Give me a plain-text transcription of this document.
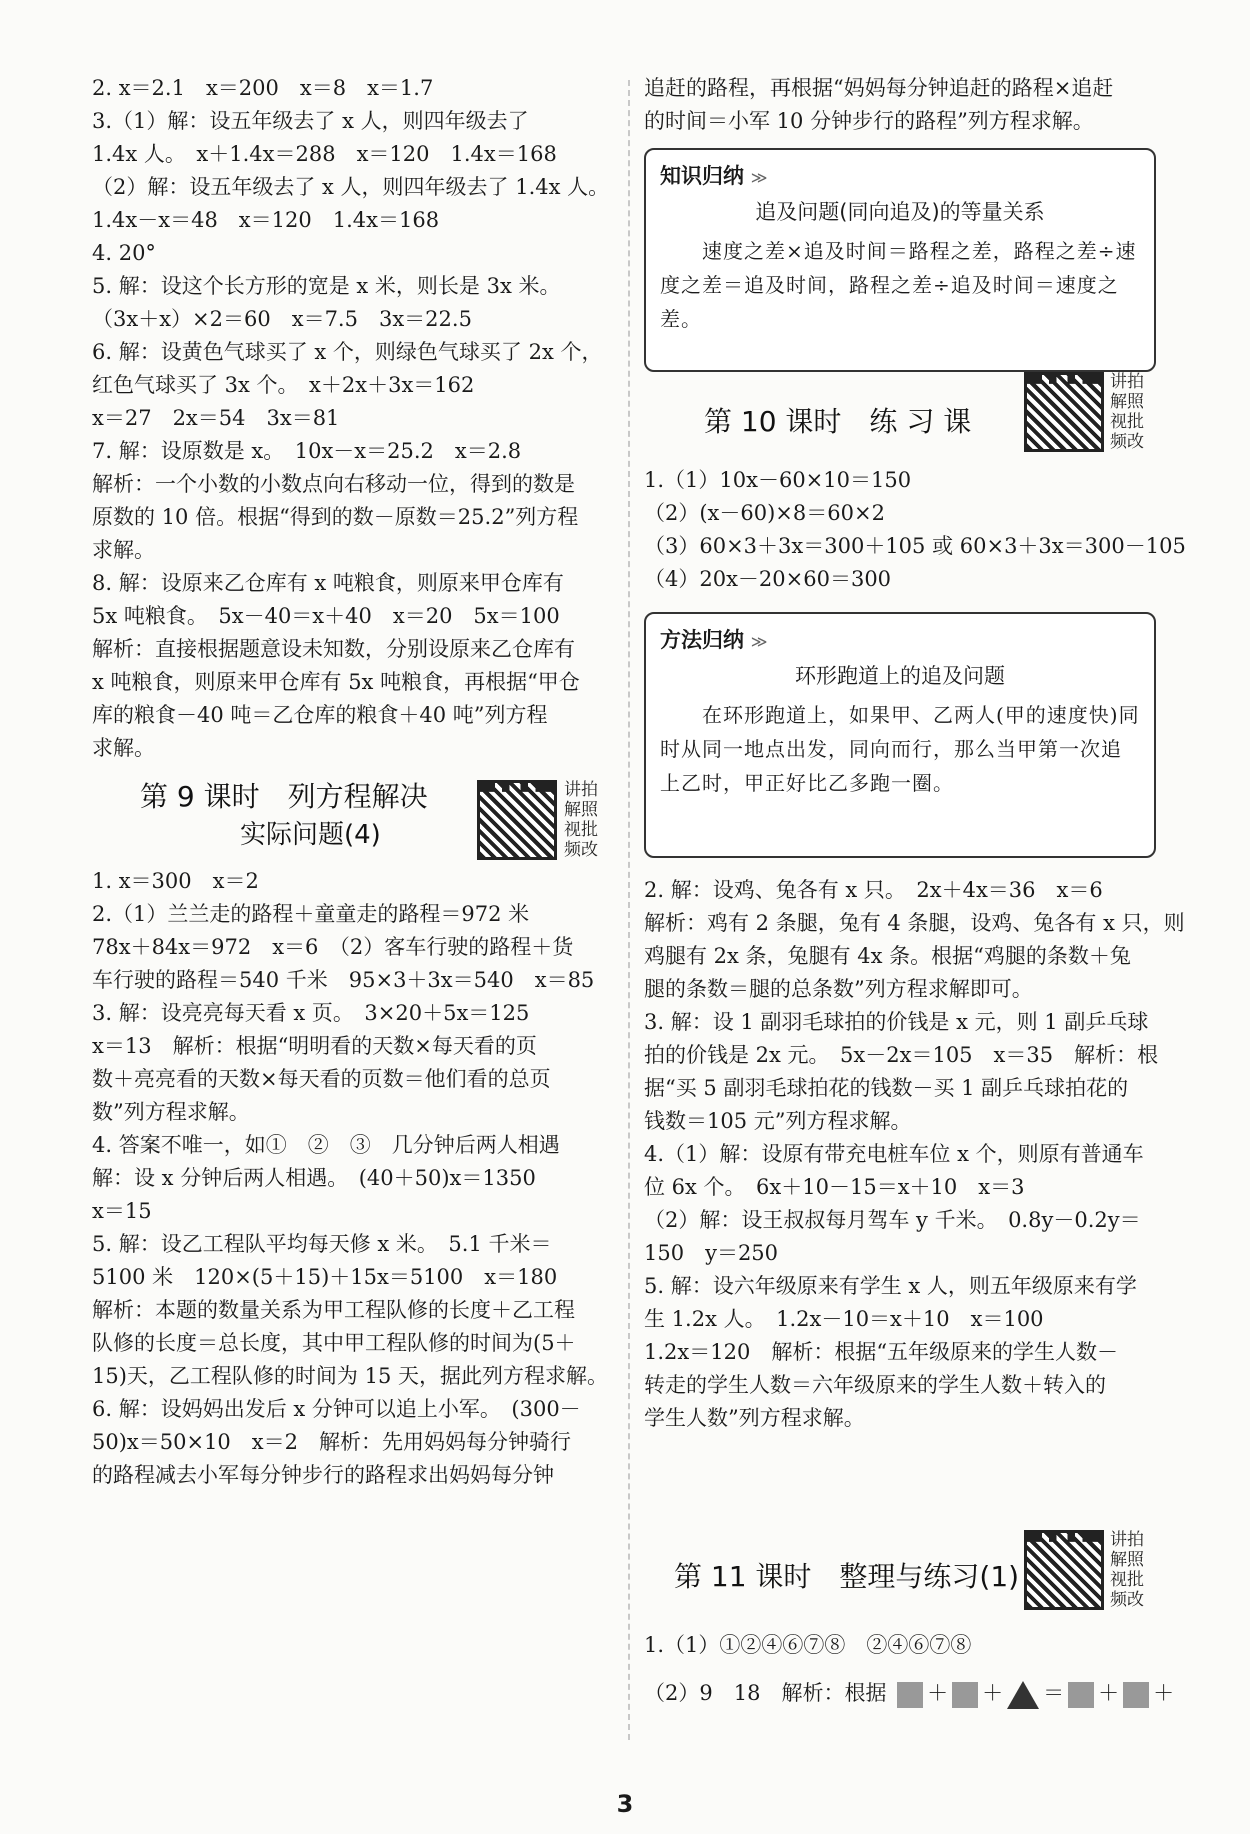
2. x＝2.1　x＝200　x＝8　x＝1.7
3.（1）解：设五年级去了 x 人，则四年级去了
1.4x 人。　x＋1.4x＝288　x＝120　1.4x＝168
（2）解：设五年级去了 x 人，则四年级去了 1.4x 人。
1.4x－x＝48　x＝120　1.4x＝168
4. 20°
5. 解：设这个长方形的宽是 x 米，则长是 3x 米。
（3x＋x）×2＝60　x＝7.5　3x＝22.5
6. 解：设黄色气球买了 x 个，则绿色气球买了 2x 个，
红色气球买了 3x 个。　x＋2x＋3x＝162
x＝27　2x＝54　3x＝81
7. 解：设原数是 x。　10x－x＝25.2　x＝2.8
解析：一个小数的小数点向右移动一位，得到的数是
原数的 10 倍。根据“得到的数－原数＝25.2”列方程
求解。
8. 解：设原来乙仓库有 x 吨粮食，则原来甲仓库有
5x 吨粮食。　5x－40＝x＋40　x＝20　5x＝100
解析：直接根据题意设未知数，分别设原来乙仓库有
x 吨粮食，则原来甲仓库有 5x 吨粮食，再根据“甲仓
库的粮食－40 吨＝乙仓库的粮食＋40 吨”列方程
求解。
第 9 课时　列方程解决
实际问题(4)
讲拍解照视批频改
1. x＝300　x＝2
2.（1）兰兰走的路程＋童童走的路程＝972 米
78x＋84x＝972　x＝6　（2）客车行驶的路程＋货
车行驶的路程＝540 千米　95×3＋3x＝540　x＝85
3. 解：设亮亮每天看 x 页。　3×20＋5x＝125
x＝13　解析：根据“明明看的天数×每天看的页
数＋亮亮看的天数×每天看的页数＝他们看的总页
数”列方程求解。
4. 答案不唯一，如①　②　③　几分钟后两人相遇
解：设 x 分钟后两人相遇。　(40＋50)x＝1350
x＝15
5. 解：设乙工程队平均每天修 x 米。　5.1 千米＝
5100 米　120×(5＋15)＋15x＝5100　x＝180
解析：本题的数量关系为甲工程队修的长度＋乙工程
队修的长度＝总长度，其中甲工程队修的时间为(5＋
15)天，乙工程队修的时间为 15 天，据此列方程求解。
6. 解：设妈妈出发后 x 分钟可以追上小军。　(300－
50)x＝50×10　x＝2　解析：先用妈妈每分钟骑行
的路程减去小军每分钟步行的路程求出妈妈每分钟
追赶的路程，再根据“妈妈每分钟追赶的路程×追赶
的时间＝小军 10 分钟步行的路程”列方程求解。
知识归纳 ≫
追及问题(同向追及)的等量关系
　　速度之差×追及时间＝路程之差，路程之差÷速度之差＝追及时间，路程之差÷追及时间＝速度之差。
第 10 课时　练 习 课
讲拍解照视批频改
1.（1）10x－60×10＝150
（2）(x－60)×8＝60×2
（3）60×3＋3x＝300＋105 或 60×3＋3x＝300－105
（4）20x－20×60＝300
方法归纳 ≫
环形跑道上的追及问题
　　在环形跑道上，如果甲、乙两人(甲的速度快)同时从同一地点出发，同向而行，那么当甲第一次追上乙时，甲正好比乙多跑一圈。
2. 解：设鸡、兔各有 x 只。　2x＋4x＝36　x＝6
解析：鸡有 2 条腿，兔有 4 条腿，设鸡、兔各有 x 只，则
鸡腿有 2x 条，兔腿有 4x 条。根据“鸡腿的条数＋兔
腿的条数＝腿的总条数”列方程求解即可。
3. 解：设 1 副羽毛球拍的价钱是 x 元，则 1 副乒乓球
拍的价钱是 2x 元。　5x－2x＝105　x＝35　解析：根
据“买 5 副羽毛球拍花的钱数－买 1 副乒乓球拍花的
钱数＝105 元”列方程求解。
4.（1）解：设原有带充电桩车位 x 个，则原有普通车
位 6x 个。　6x＋10－15＝x＋10　x＝3
（2）解：设王叔叔每月驾车 y 千米。　0.8y－0.2y＝
150　y＝250
5. 解：设六年级原来有学生 x 人，则五年级原来有学
生 1.2x 人。　1.2x－10＝x＋10　x＝100
1.2x＝120　解析：根据“五年级原来的学生人数－
转走的学生人数＝六年级原来的学生人数＋转入的
学生人数”列方程求解。
第 11 课时　整理与练习(1)
讲拍解照视批频改
1.（1）①②④⑥⑦⑧　②④⑥⑦⑧
（2）9　18　解析：根据 ＋ ＋ ＝ ＋ ＋
3
